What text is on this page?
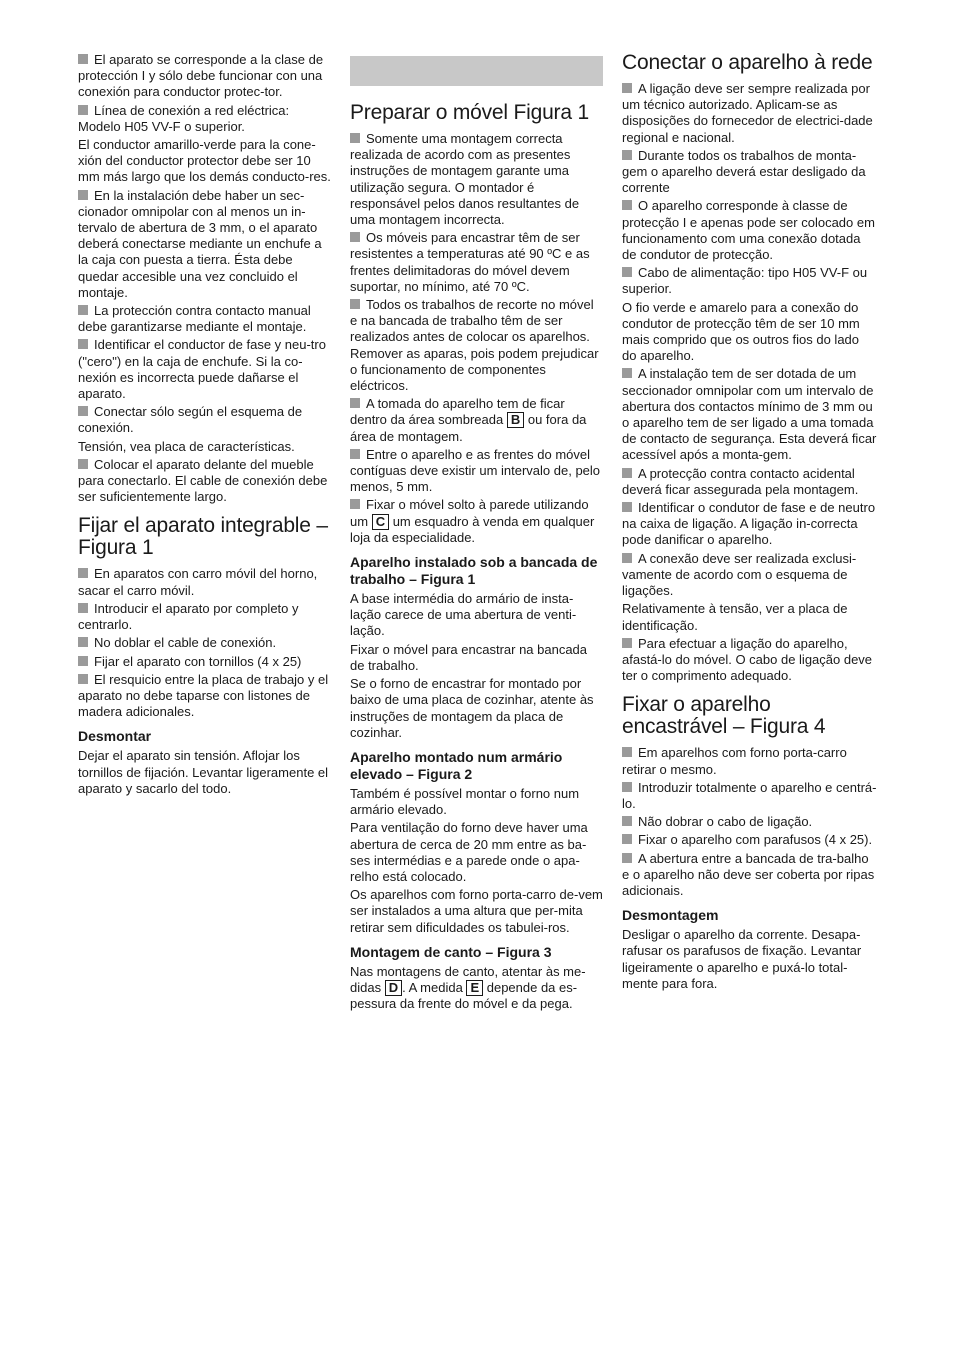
El aparato se corresponde a la clase de protección I y sólo debe funcionar con una conexión para conductor protec-tor.

Línea de conexión a red eléctrica: Modelo H05 VV-F o superior.

El conductor amarillo-verde para la cone-xión del conductor protector debe ser 10 mm más largo que los demás conducto-res.

En la instalación debe haber un sec-cionador omnipolar con al menos un in-tervalo de abertura de 3 mm, o el aparato deberá conectarse mediante un enchufe a la caja con puesta a tierra. Ésta debe quedar accesible una vez concluido el montaje.

La protección contra contacto manual debe garantizarse mediante el montaje.

Identificar el conductor de fase y neu-tro ("cero") en la caja de enchufe. Si la co-nexión es incorrecta puede dañarse el aparato.

Conectar sólo según el esquema de conexión.

Tensión, vea placa de características.

Colocar el aparato delante del mueble para conectarlo. El cable de conexión debe ser suficientemente largo.

Fijar el aparato integrable – Figura 1

En aparatos con carro móvil del horno, sacar el carro móvil.

Introducir el aparato por completo y centrarlo.

No doblar el cable de conexión.

Fijar el aparato con tornillos (4 x 25)

El resquicio entre la placa de trabajo y el aparato no debe taparse con listones de madera adicionales.

Desmontar

Dejar el aparato sin tensión. Aflojar los tornillos de fijación. Levantar ligeramente el aparato y sacarlo del todo.

Preparar o móvel Figura 1

Somente uma montagem correcta realizada de acordo com as presentes instruções de montagem garante uma utilização segura. O montador é responsável pelos danos resultantes de uma montagem incorrecta.

Os móveis para encastrar têm de ser resistentes a temperaturas até 90 ºC e as frentes delimitadoras do móvel devem suportar, no mínimo, até 70 ºC.

Todos os trabalhos de recorte no móvel e na bancada de trabalho têm de ser realizados antes de colocar os aparelhos. Remover as aparas, pois podem prejudicar o funcionamento de componentes eléctricos.

A tomada do aparelho tem de ficar dentro da área sombreada B ou fora da área de montagem.

Entre o aparelho e as frentes do móvel contíguas deve existir um intervalo de, pelo menos, 5 mm.

Fixar o móvel solto à parede utilizando um C um esquadro à venda em qualquer loja da especialidade.

Aparelho instalado sob a bancada de trabalho – Figura 1

A base intermédia do armário de insta-lação carece de uma abertura de venti-lação.

Fixar o móvel para encastrar na bancada de trabalho.

Se o forno de encastrar for montado por baixo de uma placa de cozinhar, atente às instruções de montagem da placa de cozinhar.

Aparelho montado num armário elevado – Figura 2

Também é possível montar o forno num armário elevado.

Para ventilação do forno deve haver uma abertura de cerca de 20 mm entre as ba-ses intermédias e a parede onde o apa-relho está colocado.

Os aparelhos com forno porta-carro de-vem ser instalados a uma altura que per-mita retirar sem dificuldades os tabulei-ros.

Montagem de canto – Figura 3

Nas montagens de canto, atentar às me-didas D . A medida E depende da es-pessura da frente do móvel e da pega.

Conectar o aparelho à rede

A ligação deve ser sempre realizada por um técnico autorizado. Aplicam-se as disposições do fornecedor de electrici-dade regional e nacional.

Durante todos os trabalhos de monta-gem o aparelho deverá estar desligado da corrente

O aparelho corresponde à classe de protecção I e apenas pode ser colocado em funcionamento com uma conexão dotada de condutor de protecção.

Cabo de alimentação: tipo H05 VV-F ou superior.

O fio verde e amarelo para a conexão do condutor de protecção têm de ser 10 mm mais comprido que os outros fios do lado do aparelho.

A instalação tem de ser dotada de um seccionador omnipolar com um intervalo de abertura dos contactos mínimo de 3 mm ou o aparelho tem de ser ligado a uma tomada de contacto de segurança. Esta deverá ficar acessível após a monta-gem.

A protecção contra contacto acidental deverá ficar assegurada pela montagem.

Identificar o condutor de fase e de neutro na caixa de ligação. A ligação in-correcta pode danificar o aparelho.

A conexão deve ser realizada exclusi-vamente de acordo com o esquema de ligações.

Relativamente à tensão, ver a placa de identificação.

Para efectuar a ligação do aparelho, afastá-lo do móvel. O cabo de ligação deve ter o comprimento adequado.

Fixar o aparelho encastrável – Figura 4

Em aparelhos com forno porta-carro retirar o mesmo.

Introduzir totalmente o aparelho e centrá-lo.

Não dobrar o cabo de ligação.

Fixar o aparelho com parafusos (4 x 25).

A abertura entre a bancada de tra-balho e o aparelho não deve ser coberta por ripas adicionais.

Desmontagem

Desligar o aparelho da corrente. Desapa-rafusar os parafusos de fixação. Levantar ligeiramente o aparelho e puxá-lo total-mente para fora.
